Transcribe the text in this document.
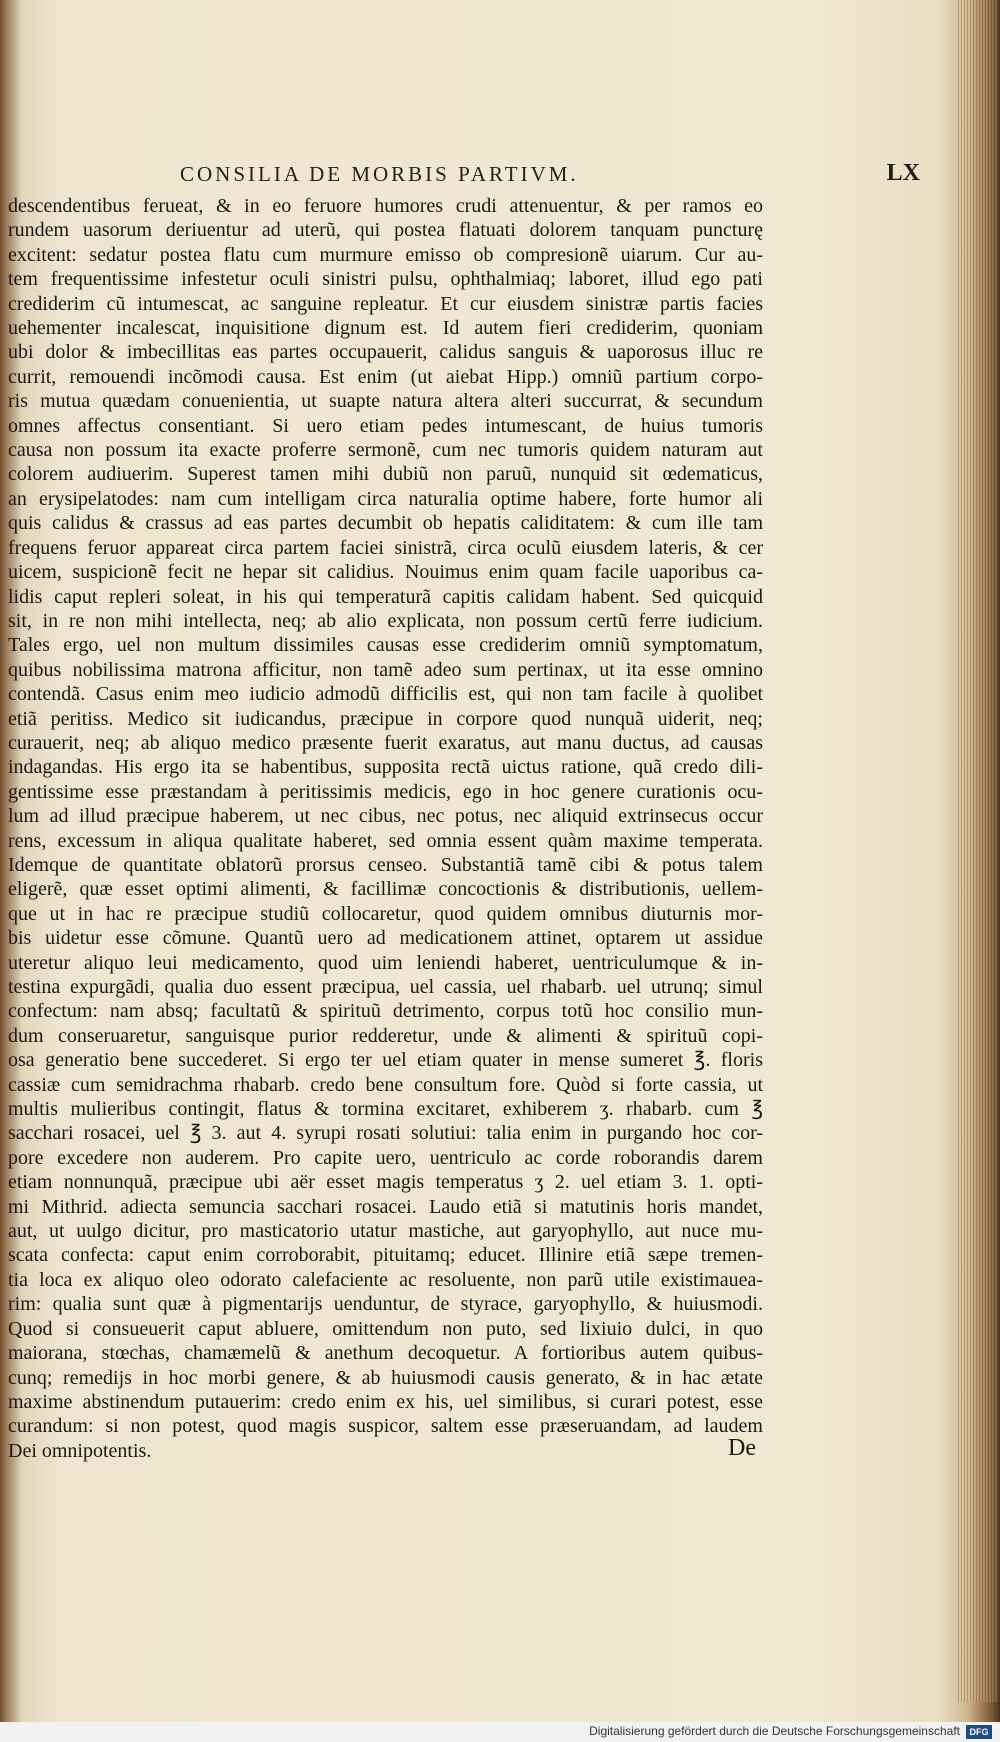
CONSILIA DE MORBIS PARTIVM.	LX
descendentibus ferueat, & in eo feruore humores crudi attenuentur, & per ramos eo
rundem uasorum deriuentur ad uterũ, qui postea flatuati dolorem tanquam puncturę
excitent: sedatur postea flatu cum murmure emisso ob compresionẽ uiarum. Cur au-
tem frequentissime infestetur oculi sinistri pulsu, ophthalmiaq; laboret, illud ego pati
crediderim cũ intumescat, ac sanguine repleatur. Et cur eiusdem sinistræ partis facies
uehementer incalescat, inquisitione dignum est. Id autem fieri crediderim, quoniam
ubi dolor & imbecillitas eas partes occupauerit, calidus sanguis & uaporosus illuc re
currit, remouendi incõmodi causa. Est enim (ut aiebat Hipp.) omniũ partium corpo-
ris mutua quædam conuenientia, ut suapte natura altera alteri succurrat, & secundum
omnes affectus consentiant. Si uero etiam pedes intumescant, de huius tumoris
causa non possum ita exacte proferre sermonẽ, cum nec tumoris quidem naturam aut
colorem audiuerim. Superest tamen mihi dubiũ non paruũ, nunquid sit œdematicus,
an erysipelatodes: nam cum intelligam circa naturalia optime habere, forte humor ali
quis calidus & crassus ad eas partes decumbit ob hepatis caliditatem: & cum ille tam
frequens feruor appareat circa partem faciei sinistrã, circa oculũ eiusdem lateris, & cer
uicem, suspicionẽ fecit ne hepar sit calidius. Nouimus enim quam facile uaporibus ca-
lidis caput repleri soleat, in his qui temperaturã capitis calidam habent. Sed quicquid
sit, in re non mihi intellecta, neq; ab alio explicata, non possum certũ ferre iudicium.
Tales ergo, uel non multum dissimiles causas esse crediderim omniũ symptomatum,
quibus nobilissima matrona afficitur, non tamẽ adeo sum pertinax, ut ita esse omnino
contendã. Casus enim meo iudicio admodũ difficilis est, qui non tam facile à quolibet
etiã peritiss. Medico sit iudicandus, præcipue in corpore quod nunquã uiderit, neq;
curauerit, neq; ab aliquo medico præsente fuerit exaratus, aut manu ductus, ad causas
indagandas. His ergo ita se habentibus, supposita rectã uictus ratione, quã credo dili-
gentissime esse præstandam à peritissimis medicis, ego in hoc genere curationis ocu-
lum ad illud præcipue haberem, ut nec cibus, nec potus, nec aliquid extrinsecus occur
rens, excessum in aliqua qualitate haberet, sed omnia essent quàm maxime temperata.
Idemque de quantitate oblatorũ prorsus censeo. Substantiã tamẽ cibi & potus talem
eligerẽ, quæ esset optimi alimenti, & facillimæ concoctionis & distributionis, uellem-
que ut in hac re præcipue studiũ collocaretur, quod quidem omnibus diuturnis mor-
bis uidetur esse cõmune. Quantũ uero ad medicationem attinet, optarem ut assidue
uteretur aliquo leui medicamento, quod uim leniendi haberet, uentriculumque & in-
testina expurgãdi, qualia duo essent præcipua, uel cassia, uel rhabarb. uel utrunq; simul
confectum: nam absq; facultatũ & spirituũ detrimento, corpus totũ hoc consilio mun-
dum conseruaretur, sanguisque purior redderetur, unde & alimenti & spirituũ copi-
osa generatio bene succederet. Si ergo ter uel etiam quater in mense sumeret ℥. floris
cassiæ cum semidrachma rhabarb. credo bene consultum fore. Quòd si forte cassia, ut
multis mulieribus contingit, flatus & tormina excitaret, exhiberem ʒ. rhabarb. cum ℥
sacchari rosacei, uel ℥ 3. aut 4. syrupi rosati solutiui: talia enim in purgando hoc cor-
pore excedere non auderem. Pro capite uero, uentriculo ac corde roborandis darem
etiam nonnunquã, præcipue ubi aër esset magis temperatus ʒ 2. uel etiam 3. 1. opti-
mi Mithrid. adiecta semuncia sacchari rosacei. Laudo etiã si matutinis horis mandet,
aut, ut uulgo dicitur, pro masticatorio utatur mastiche, aut garyophyllo, aut nuce mu-
scata confecta: caput enim corroborabit, pituitamq; educet. Illinire etiã sæpe tremen-
tia loca ex aliquo oleo odorato calefaciente ac resoluente, non parũ utile existimauea-
rim: qualia sunt quæ à pigmentarijs uenduntur, de styrace, garyophyllo, & huiusmodi.
Quod si consueuerit caput abluere, omittendum non puto, sed lixiuio dulci, in quo
maiorana, stœchas, chamæmelũ & anethum decoquetur. A fortioribus autem quibus-
cunq; remedijs in hoc morbi genere, & ab huiusmodi causis generato, & in hac ætate
maxime abstinendum putauerim: credo enim ex his, uel similibus, si curari potest, esse
curandum: si non potest, quod magis suspicor, saltem esse præseruandam, ad laudem
Dei omnipotentis.	De
Digitalisierung gefördert durch die Deutsche Forschungsgemeinschaft	DFG
